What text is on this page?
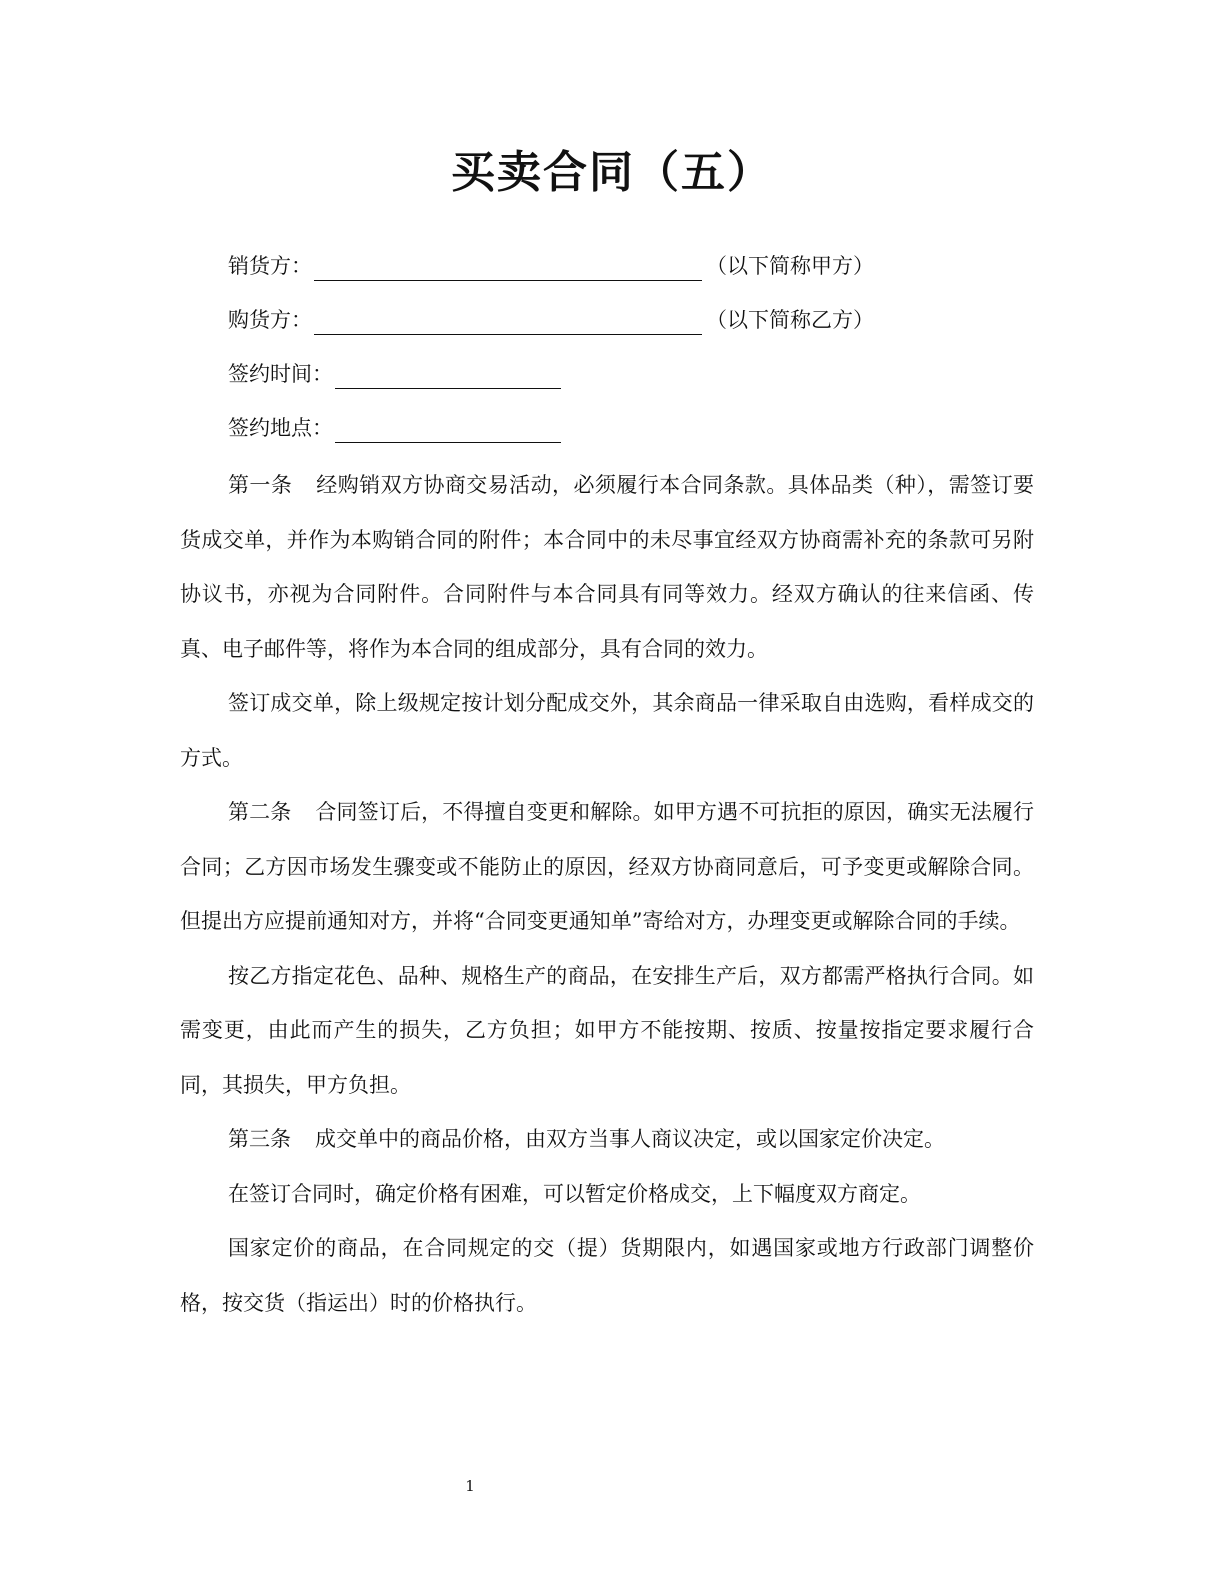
买卖合同（五）
销货方：	（以下简称甲方）
购货方：	（以下简称乙方）
签约时间：
签约地点：

第一条 经购销双方协商交易活动，必须履行本合同条款。具体品类（种），需签订要货成交单，并作为本购销合同的附件；本合同中的未尽事宜经双方协商需补充的条款可另附协议书，亦视为合同附件。合同附件与本合同具有同等效力。经双方确认的往来信函、传真、电子邮件等，将作为本合同的组成部分，具有合同的效力。

签订成交单，除上级规定按计划分配成交外，其余商品一律采取自由选购，看样成交的方式。

第二条 合同签订后，不得擅自变更和解除。如甲方遇不可抗拒的原因，确实无法履行合同；乙方因市场发生骤变或不能防止的原因，经双方协商同意后，可予变更或解除合同。但提出方应提前通知对方，并将“合同变更通知单”寄给对方，办理变更或解除合同的手续。

按乙方指定花色、品种、规格生产的商品，在安排生产后，双方都需严格执行合同。如需变更，由此而产生的损失，乙方负担；如甲方不能按期、按质、按量按指定要求履行合同，其损失，甲方负担。

第三条 成交单中的商品价格，由双方当事人商议决定，或以国家定价决定。

在签订合同时，确定价格有困难，可以暂定价格成交，上下幅度双方商定。

国家定价的商品，在合同规定的交（提）货期限内，如遇国家或地方行政部门调整价格，按交货（指运出）时的价格执行。

1
